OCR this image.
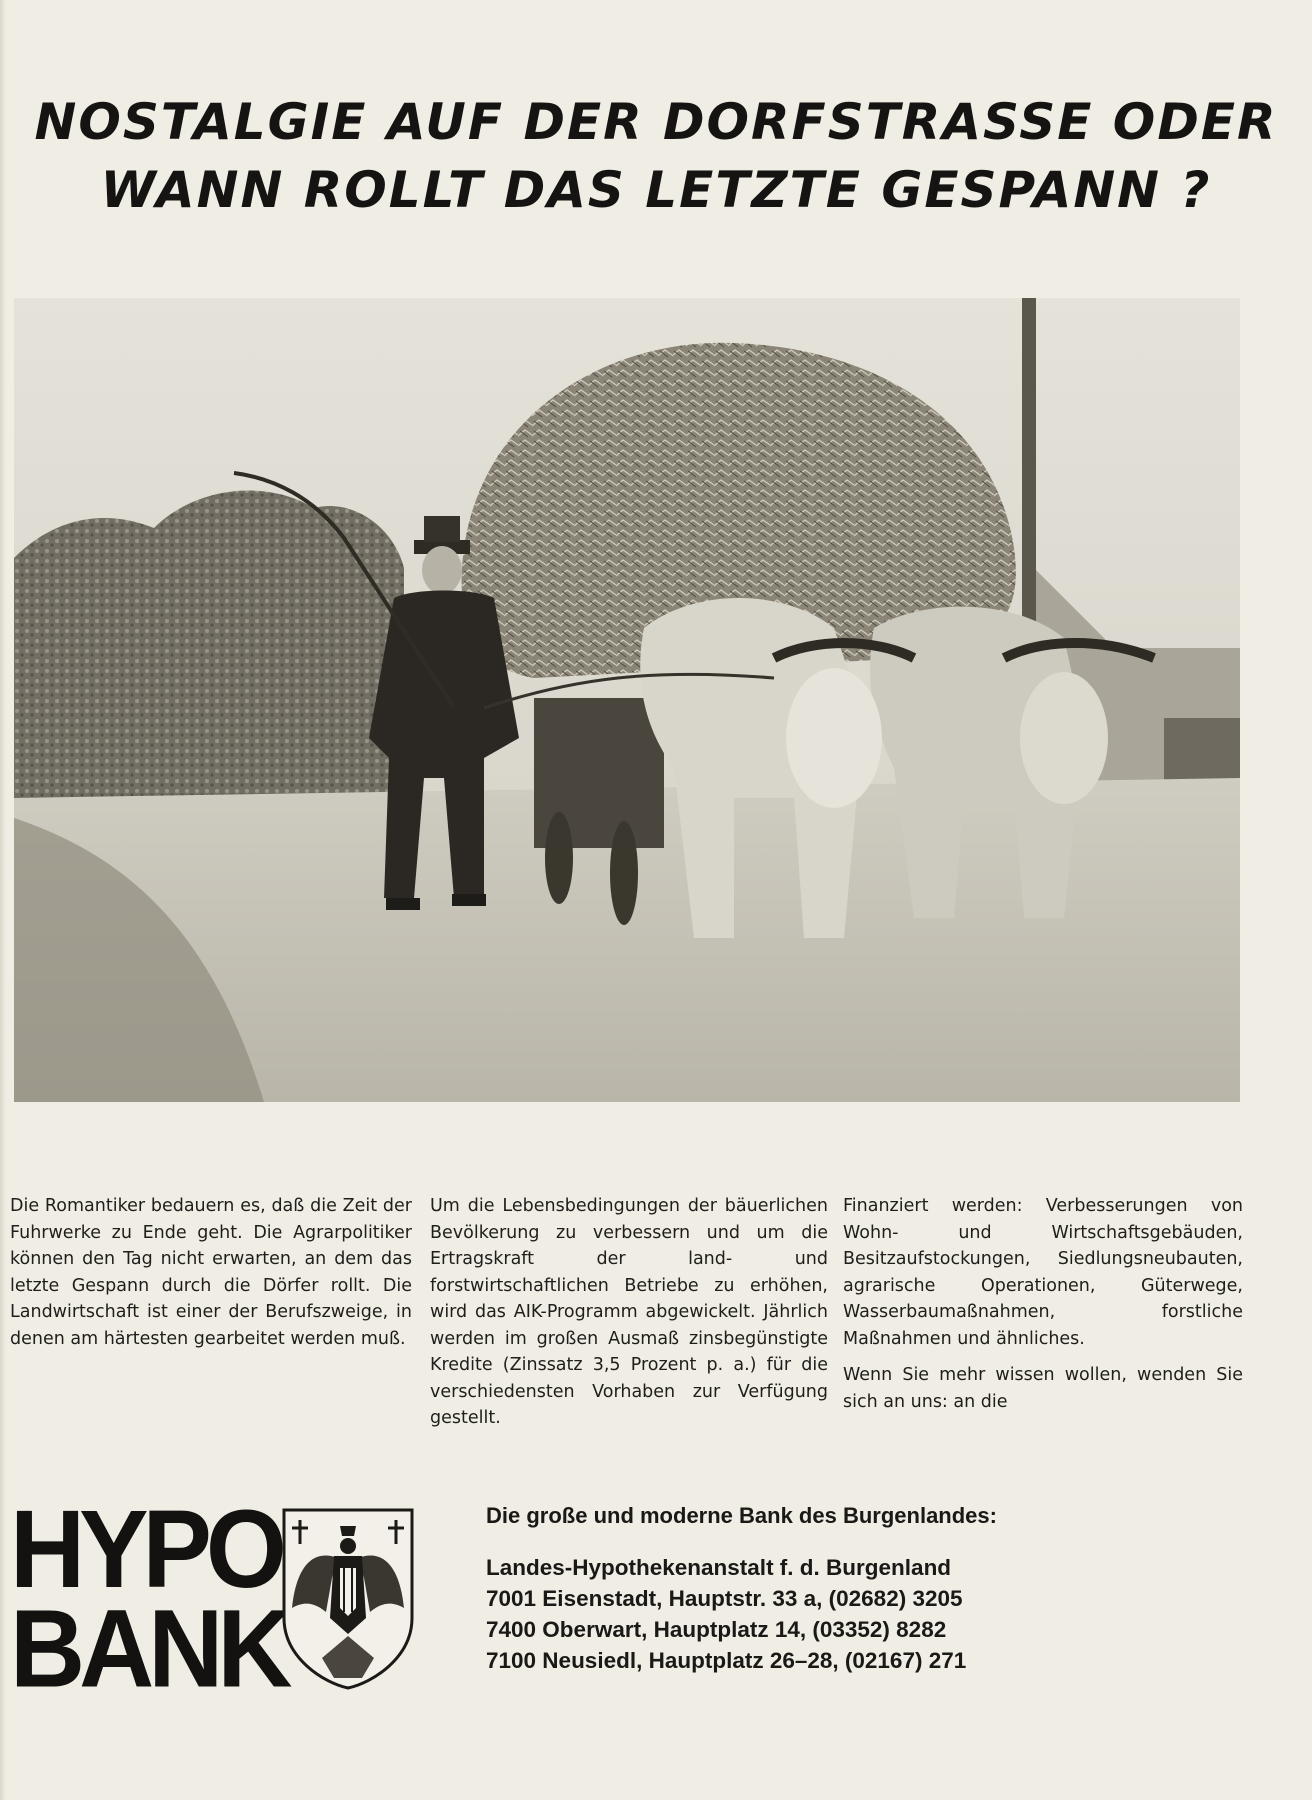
NOSTALGIE AUF DER DORFSTRASSE ODER
WANN ROLLT DAS LETZTE GESPANN ?

Die Romantiker bedauern es, daß die Zeit der Fuhrwerke zu Ende geht. Die Agrarpolitiker können den Tag nicht erwarten, an dem das letzte Gespann durch die Dörfer rollt. Die Landwirtschaft ist einer der Berufszweige, in denen am härtesten gearbeitet werden muß.

Um die Lebensbedingungen der bäuerlichen Bevölkerung zu verbessern und um die Ertragskraft der land- und forstwirtschaftlichen Betriebe zu erhöhen, wird das AIK-Programm abgewickelt. Jährlich werden im großen Ausmaß zinsbegünstigte Kredite (Zinssatz 3,5 Prozent p. a.) für die verschiedensten Vorhaben zur Verfügung gestellt.

Finanziert werden: Verbesserungen von Wohn- und Wirtschaftsgebäuden, Besitzaufstockungen, Siedlungsneubauten, agrarische Operationen, Güterwege, Wasserbaumaßnahmen, forstliche Maßnahmen und ähnliches.

Wenn Sie mehr wissen wollen, wenden Sie sich an uns: an die

HYPO
BANK
Die große und moderne Bank des Burgenlandes:
Landes-Hypothekenanstalt f. d. Burgenland
7001 Eisenstadt, Hauptstr. 33 a, (02682) 3205
7400 Oberwart, Hauptplatz 14, (03352) 8282
7100 Neusiedl, Hauptplatz 26–28, (02167) 271
